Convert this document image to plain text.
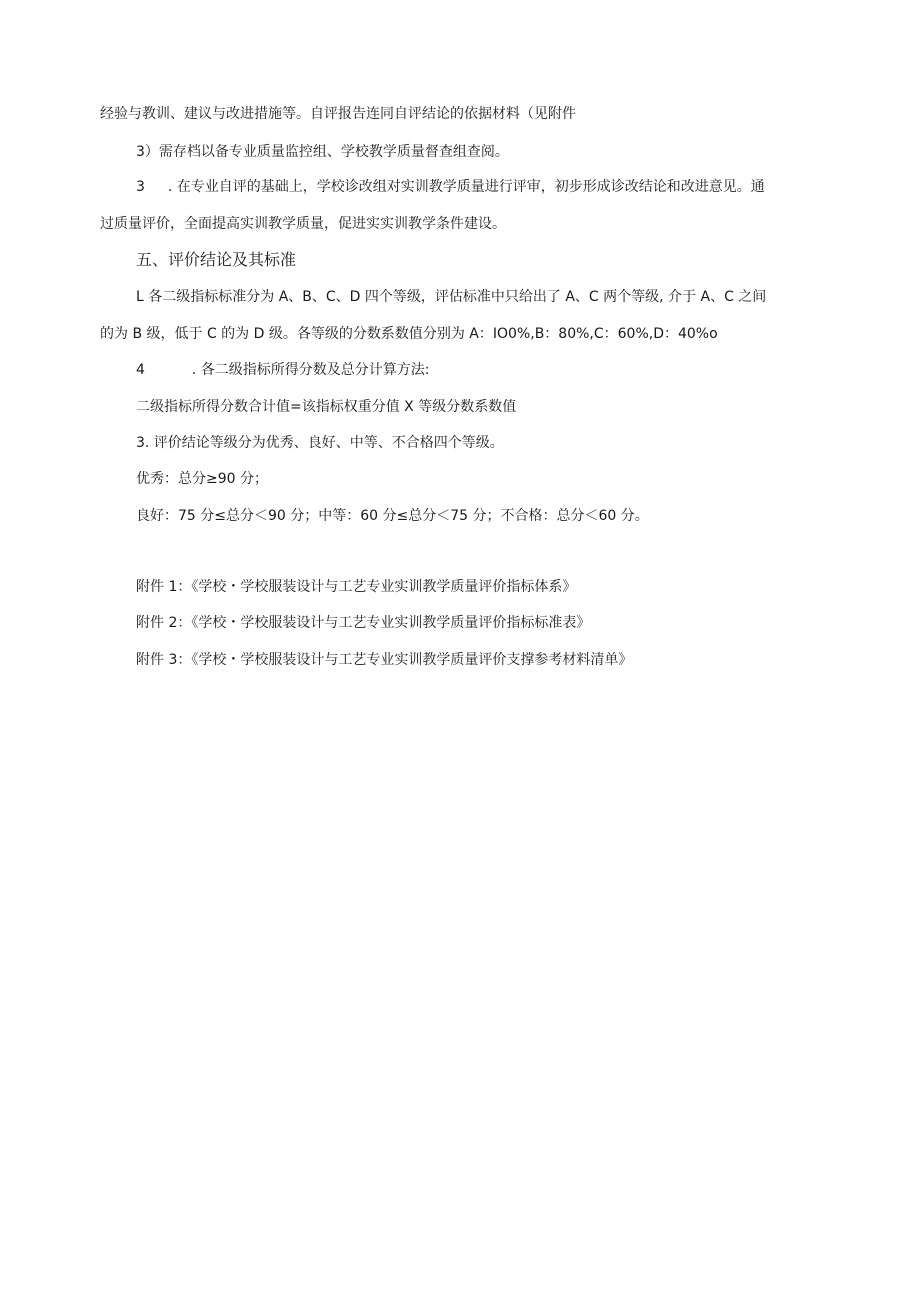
经验与教训、建议与改进措施等。自评报告连同自评结论的依据材料（见附件
3）需存档以备专业质量监控组、学校教学质量督查组查阅。
3 . 在专业自评的基础上，学校诊改组对实训教学质量进行评审，初步形成诊改结论和改进意见。通
过质量评价，全面提高实训教学质量，促进实实训教学条件建设。
五、评价结论及其标准
L 各二级指标标准分为 A、B、C、D 四个等级，评估标准中只给出了 A、C 两个等级, 介于 A、C 之间
的为 B 级，低于 C 的为 D 级。各等级的分数系数值分别为 A：IO0%,B：80%,C：60%,D：40%o
4	. 各二级指标所得分数及总分计算方法:
二级指标所得分数合计值=该指标权重分值 X 等级分数系数值
3. 评价结论等级分为优秀、良好、中等、不合格四个等级。
优秀：总分≥90 分；
良好：75 分≤总分＜90 分；中等：60 分≤总分＜75 分；不合格：总分＜60 分。
附件 1：《学校・学校服装设计与工艺专业实训教学质量评价指标体系》
附件 2：《学校・学校服装设计与工艺专业实训教学质量评价指标标准表》
附件 3：《学校・学校服装设计与工艺专业实训教学质量评价支撑参考材料清单》
